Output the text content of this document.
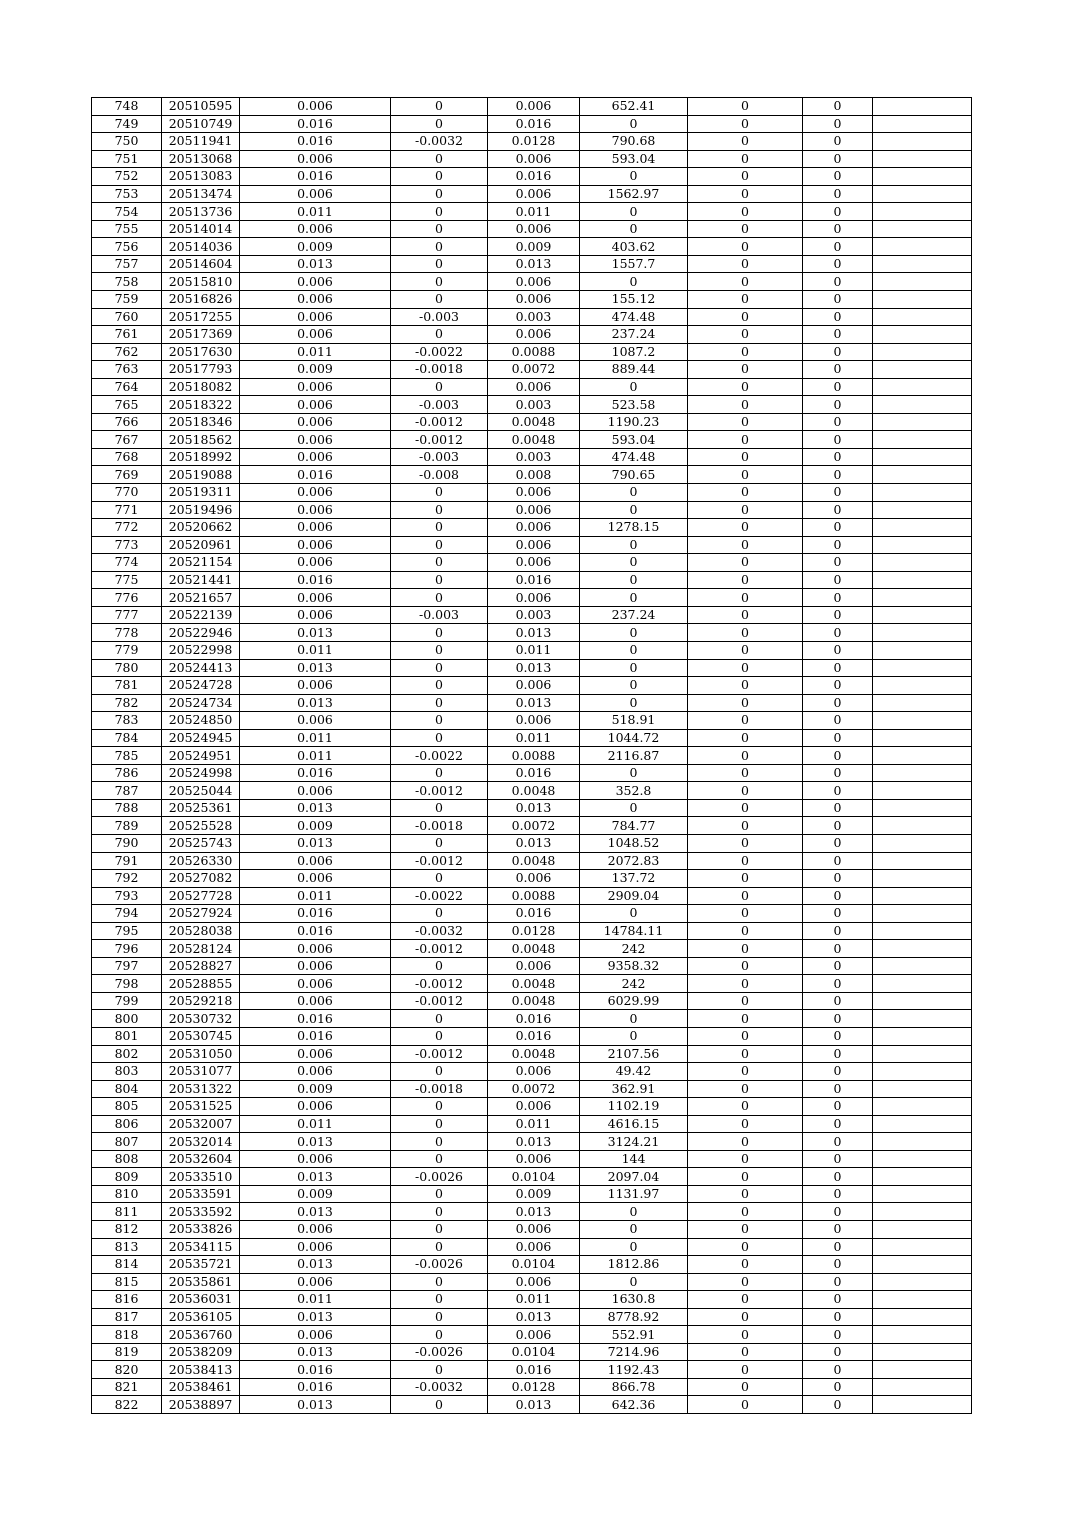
748	20510595	0.006	0	0.006	652.41	0	0	
749	20510749	0.016	0	0.016	0	0	0	
750	20511941	0.016	-0.0032	0.0128	790.68	0	0	
751	20513068	0.006	0	0.006	593.04	0	0	
752	20513083	0.016	0	0.016	0	0	0	
753	20513474	0.006	0	0.006	1562.97	0	0	
754	20513736	0.011	0	0.011	0	0	0	
755	20514014	0.006	0	0.006	0	0	0	
756	20514036	0.009	0	0.009	403.62	0	0	
757	20514604	0.013	0	0.013	1557.7	0	0	
758	20515810	0.006	0	0.006	0	0	0	
759	20516826	0.006	0	0.006	155.12	0	0	
760	20517255	0.006	-0.003	0.003	474.48	0	0	
761	20517369	0.006	0	0.006	237.24	0	0	
762	20517630	0.011	-0.0022	0.0088	1087.2	0	0	
763	20517793	0.009	-0.0018	0.0072	889.44	0	0	
764	20518082	0.006	0	0.006	0	0	0	
765	20518322	0.006	-0.003	0.003	523.58	0	0	
766	20518346	0.006	-0.0012	0.0048	1190.23	0	0	
767	20518562	0.006	-0.0012	0.0048	593.04	0	0	
768	20518992	0.006	-0.003	0.003	474.48	0	0	
769	20519088	0.016	-0.008	0.008	790.65	0	0	
770	20519311	0.006	0	0.006	0	0	0	
771	20519496	0.006	0	0.006	0	0	0	
772	20520662	0.006	0	0.006	1278.15	0	0	
773	20520961	0.006	0	0.006	0	0	0	
774	20521154	0.006	0	0.006	0	0	0	
775	20521441	0.016	0	0.016	0	0	0	
776	20521657	0.006	0	0.006	0	0	0	
777	20522139	0.006	-0.003	0.003	237.24	0	0	
778	20522946	0.013	0	0.013	0	0	0	
779	20522998	0.011	0	0.011	0	0	0	
780	20524413	0.013	0	0.013	0	0	0	
781	20524728	0.006	0	0.006	0	0	0	
782	20524734	0.013	0	0.013	0	0	0	
783	20524850	0.006	0	0.006	518.91	0	0	
784	20524945	0.011	0	0.011	1044.72	0	0	
785	20524951	0.011	-0.0022	0.0088	2116.87	0	0	
786	20524998	0.016	0	0.016	0	0	0	
787	20525044	0.006	-0.0012	0.0048	352.8	0	0	
788	20525361	0.013	0	0.013	0	0	0	
789	20525528	0.009	-0.0018	0.0072	784.77	0	0	
790	20525743	0.013	0	0.013	1048.52	0	0	
791	20526330	0.006	-0.0012	0.0048	2072.83	0	0	
792	20527082	0.006	0	0.006	137.72	0	0	
793	20527728	0.011	-0.0022	0.0088	2909.04	0	0	
794	20527924	0.016	0	0.016	0	0	0	
795	20528038	0.016	-0.0032	0.0128	14784.11	0	0	
796	20528124	0.006	-0.0012	0.0048	242	0	0	
797	20528827	0.006	0	0.006	9358.32	0	0	
798	20528855	0.006	-0.0012	0.0048	242	0	0	
799	20529218	0.006	-0.0012	0.0048	6029.99	0	0	
800	20530732	0.016	0	0.016	0	0	0	
801	20530745	0.016	0	0.016	0	0	0	
802	20531050	0.006	-0.0012	0.0048	2107.56	0	0	
803	20531077	0.006	0	0.006	49.42	0	0	
804	20531322	0.009	-0.0018	0.0072	362.91	0	0	
805	20531525	0.006	0	0.006	1102.19	0	0	
806	20532007	0.011	0	0.011	4616.15	0	0	
807	20532014	0.013	0	0.013	3124.21	0	0	
808	20532604	0.006	0	0.006	144	0	0	
809	20533510	0.013	-0.0026	0.0104	2097.04	0	0	
810	20533591	0.009	0	0.009	1131.97	0	0	
811	20533592	0.013	0	0.013	0	0	0	
812	20533826	0.006	0	0.006	0	0	0	
813	20534115	0.006	0	0.006	0	0	0	
814	20535721	0.013	-0.0026	0.0104	1812.86	0	0	
815	20535861	0.006	0	0.006	0	0	0	
816	20536031	0.011	0	0.011	1630.8	0	0	
817	20536105	0.013	0	0.013	8778.92	0	0	
818	20536760	0.006	0	0.006	552.91	0	0	
819	20538209	0.013	-0.0026	0.0104	7214.96	0	0	
820	20538413	0.016	0	0.016	1192.43	0	0	
821	20538461	0.016	-0.0032	0.0128	866.78	0	0	
822	20538897	0.013	0	0.013	642.36	0	0	
